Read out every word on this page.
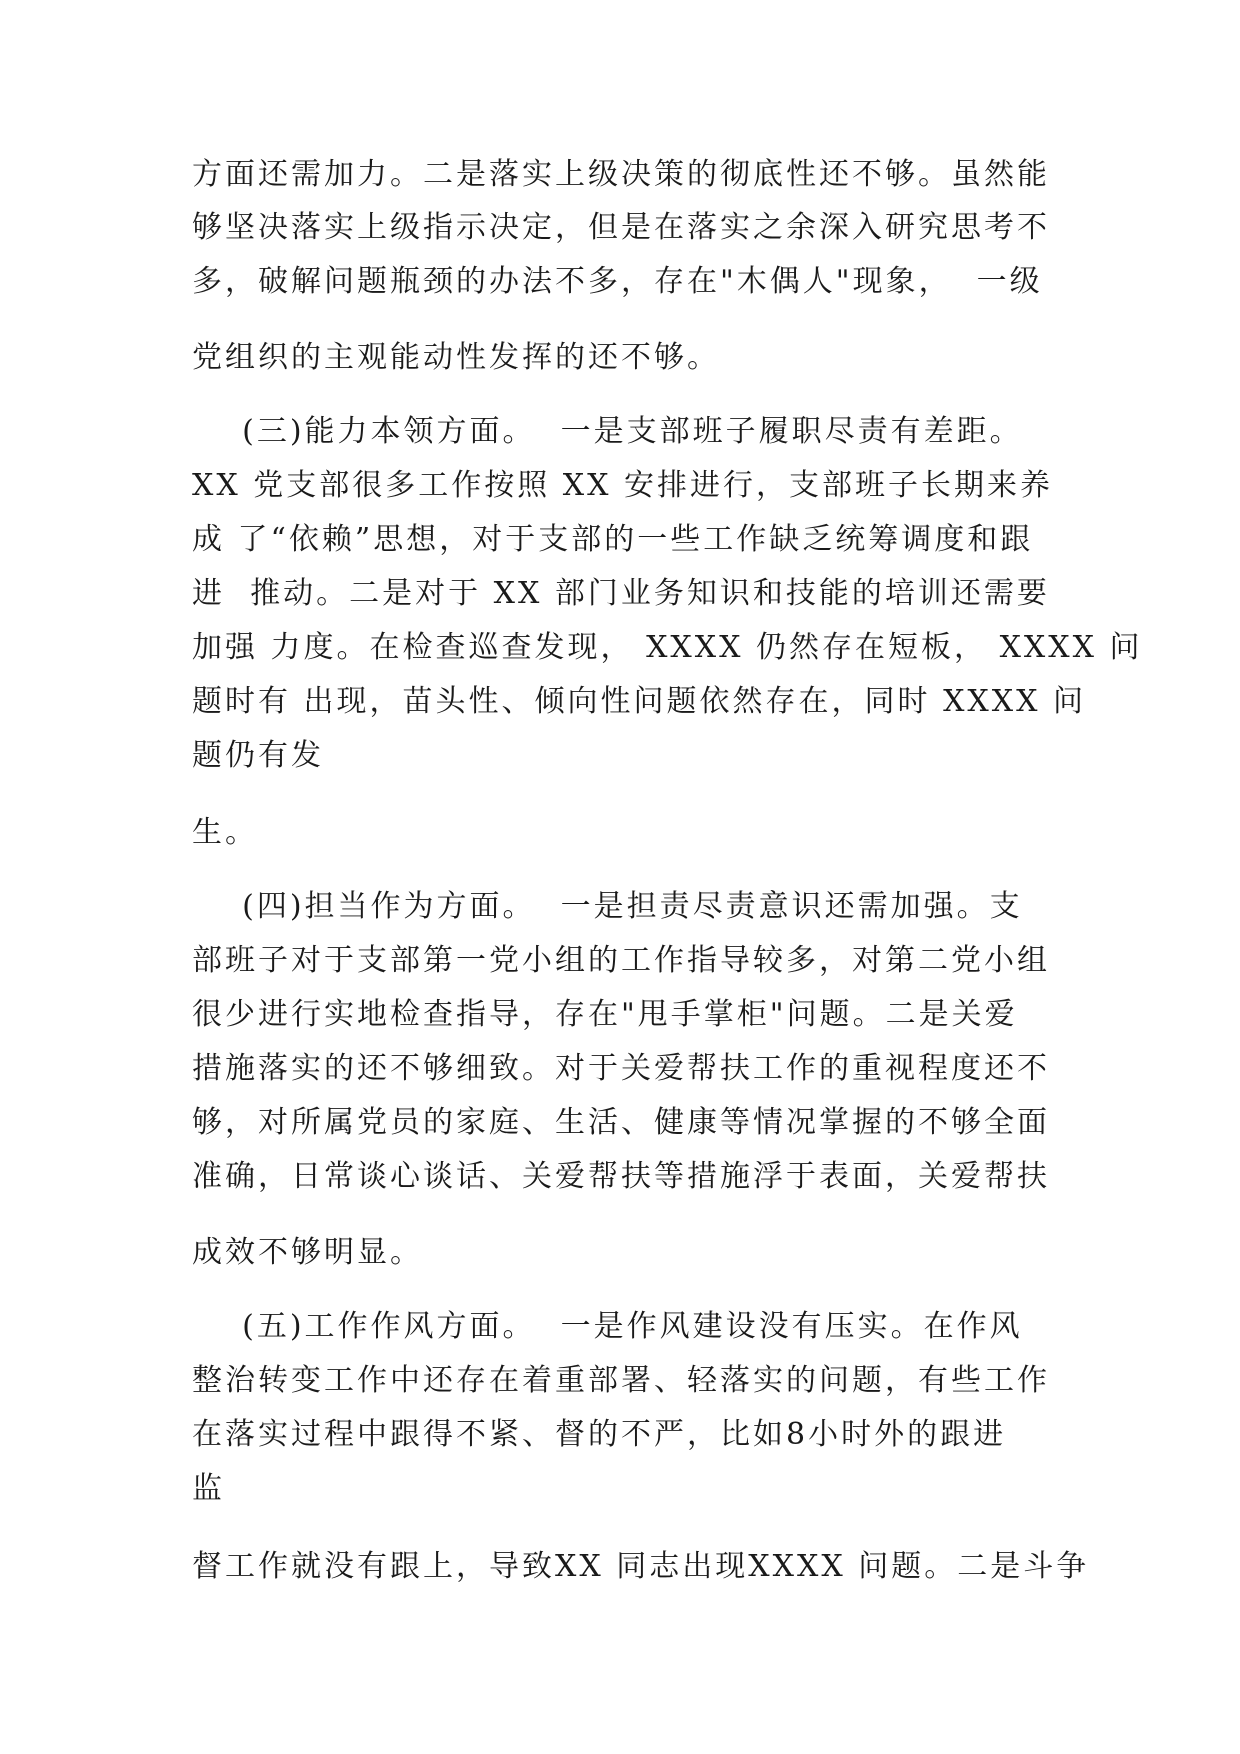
方面还需加力。二是落实上级决策的彻底性还不够。虽然能
够坚决落实上级指示决定，但是在落实之余深入研究思考不
多，破解问题瓶颈的办法不多，存在"木偶人"现象，  一级
党组织的主观能动性发挥的还不够。
(三)能力本领方面。  一是支部班子履职尽责有差距。
XX 党支部很多工作按照 XX 安排进行，支部班子长期来养
成 了“依赖”思想，对于支部的一些工作缺乏统筹调度和跟
进  推动。二是对于 XX 部门业务知识和技能的培训还需要
加强 力度。在检查巡查发现， XXXX 仍然存在短板， XXXX 问
题时有 出现，苗头性、倾向性问题依然存在，同时 XXXX 问
题仍有发
生。
(四)担当作为方面。  一是担责尽责意识还需加强。支
部班子对于支部第一党小组的工作指导较多，对第二党小组
很少进行实地检查指导，存在"甩手掌柜"问题。二是关爱
措施落实的还不够细致。对于关爱帮扶工作的重视程度还不
够，对所属党员的家庭、生活、健康等情况掌握的不够全面
准确，日常谈心谈话、关爱帮扶等措施浮于表面，关爱帮扶
成效不够明显。
(五)工作作风方面。  一是作风建设没有压实。在作风
整治转变工作中还存在着重部署、轻落实的问题，有些工作
在落实过程中跟得不紧、督的不严，比如8小时外的跟进
监
督工作就没有跟上，导致XX 同志出现XXXX 问题。二是斗争
